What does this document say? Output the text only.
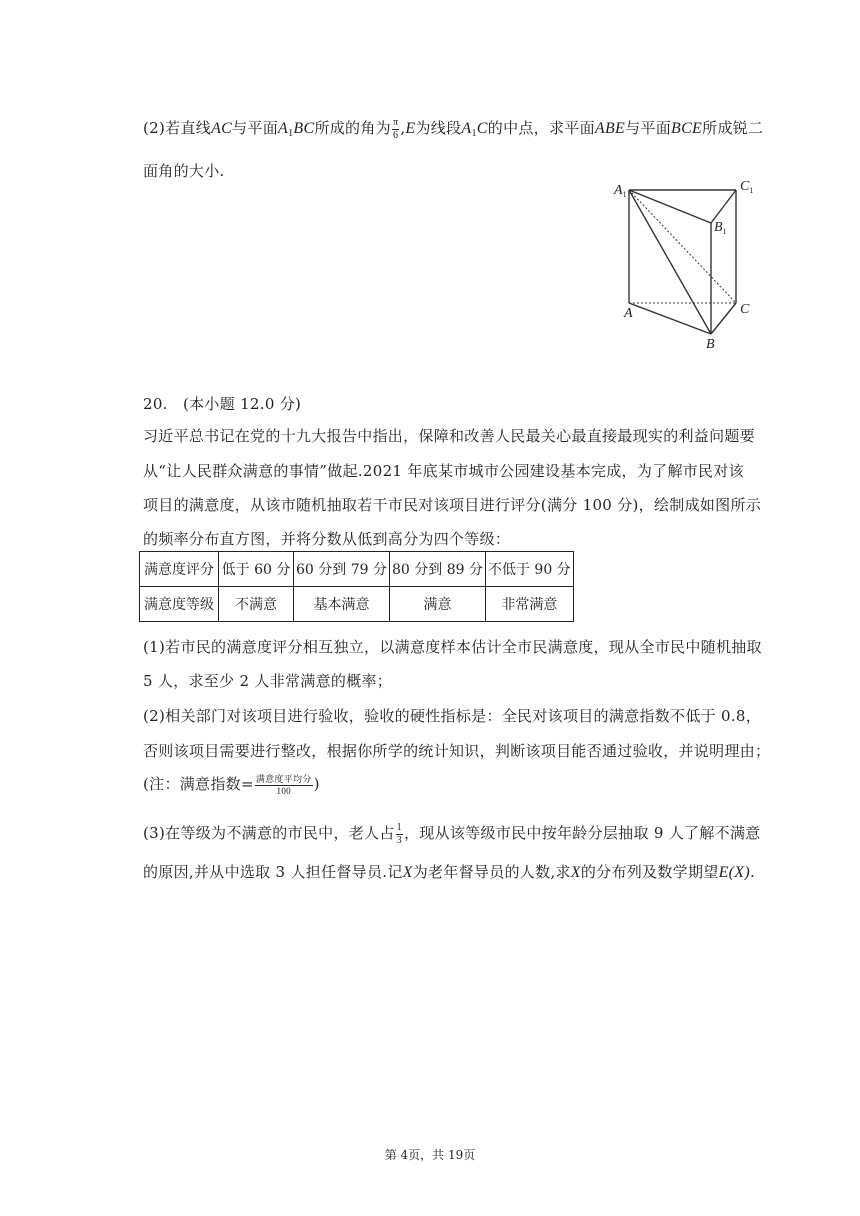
(2)若直线AC与平面$A_1BC$所成的角为 $\frac{\pi}{6} ,E$为线段$A_1C$的中点，求平面ABE与平面BCE所成锐二
面角的大小.
$A_1$
$C_1$
$B_1$
A	C
B
20.   (本小题 12.0 分)
习近平总书记在党的十九大报告中指出，保障和改善人民最关心最直接最现实的利益问题要
从“让人民群众满意的事情”做起.2021 年底某市城市公园建设基本完成，为了解市民对该
项目的满意度，从该市随机抽取若干市民对该项目进行评分(满分 100 分)，绘制成如图所示
的频率分布直方图，并将分数从低到高分为四个等级：
满意度评分	低于 60 分	60 分到 79 分	80 分到 89 分	不低于 90 分
满意度等级	不满意	基本满意	满意	非常满意
(1)若市民的满意度评分相互独立，以满意度样本估计全市民满意度，现从全市民中随机抽取
5 人，求至少 2 人非常满意的概率；
(2)相关部门对该项目进行验收，验收的硬性指标是：全民对该项目的满意指数不低于 0.8，
否则该项目需要进行整改，根据你所学的统计知识，判断该项目能否通过验收，并说明理由；
(注：满意指数= $\frac{\text{满意度平均分}}{100}$ )
(3)在等级为不满意的市民中，老人占 $\frac{1}{3}$ ，现从该等级市民中按年龄分层抽取 9 人了解不满意
的原因,并从中选取 3 人担任督导员.记X为老年督导员的人数,求X的分布列及数学期望E(X).
第 4页，共 19页
